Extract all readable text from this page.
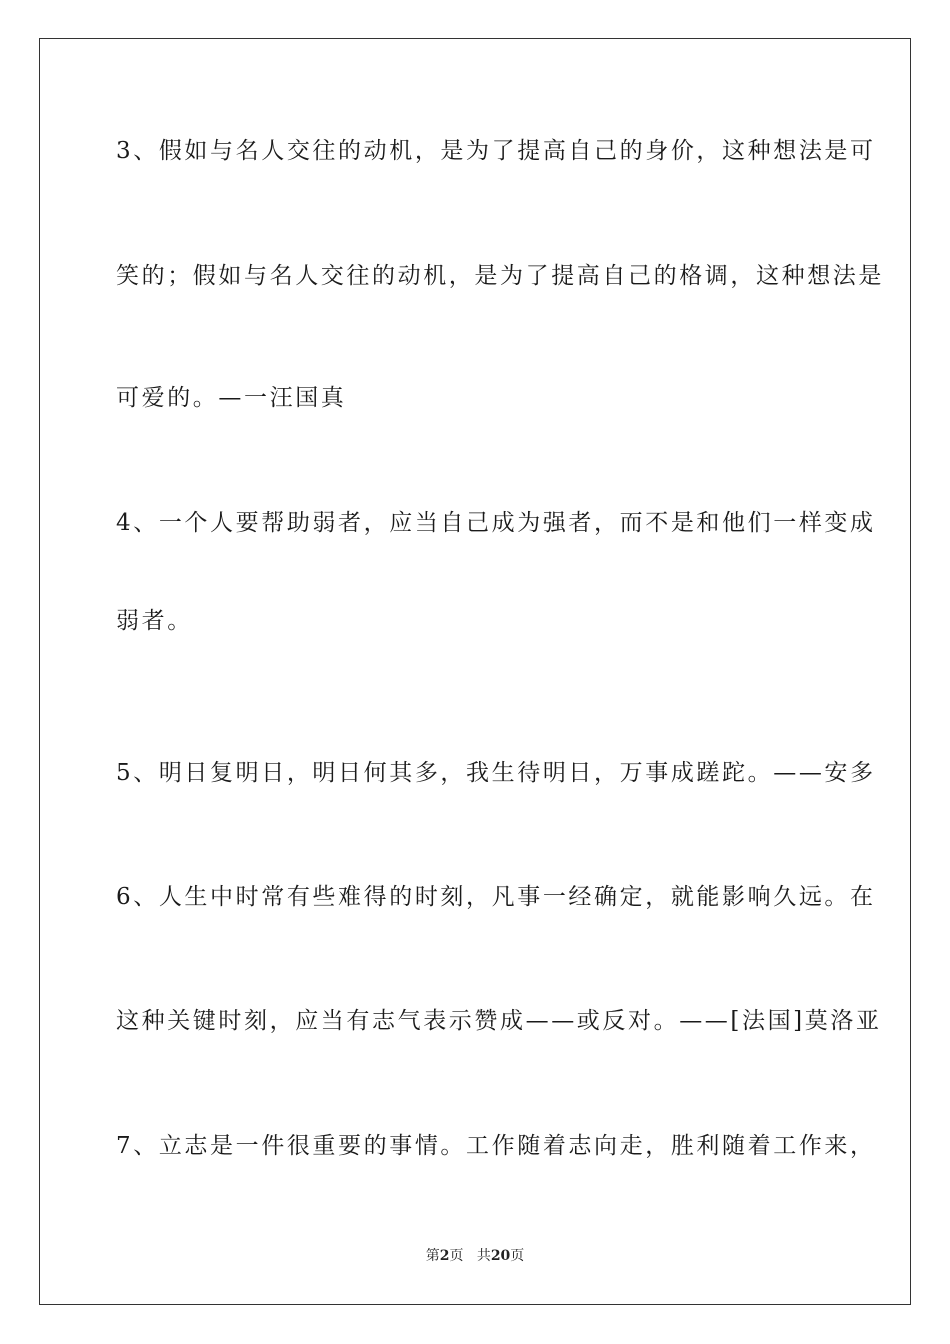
3、假如与名人交往的动机，是为了提高自己的身价，这种想法是可
笑的；假如与名人交往的动机，是为了提高自己的格调，这种想法是
可爱的。—一汪国真
4、一个人要帮助弱者，应当自己成为强者，而不是和他们一样变成
弱者。
5、明日复明日，明日何其多，我生待明日，万事成蹉跎。——安多
6、人生中时常有些难得的时刻，凡事一经确定，就能影响久远。在
这种关键时刻，应当有志气表示赞成——或反对。——[法国]莫洛亚
7、立志是一件很重要的事情。工作随着志向走，胜利随着工作来，
第2页 共20页
